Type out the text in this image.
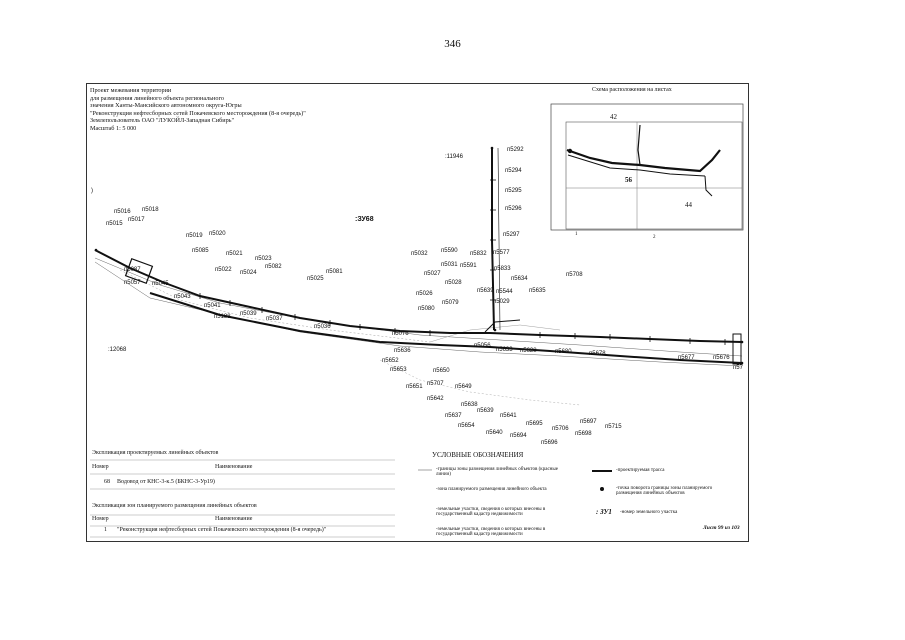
346
Проект межевания территории
для размещения линейного объекта регионального
значения Ханты-Мансийского автономного округа-Югры
"Реконструкция нефтесборных сетей Покачевского месторождения (8-я очередь)"
Землепользователь ОАО "ЛУКОЙЛ-Западная Сибирь"
Масштаб 1: 5 000
Схема расположения на листах
42
56
44
1
2
:ЗУ68
:11946
:12068
)
п5016 п5018
п5015
п5017
п5019 п5020
п5085	п5021
п5023
п5022	п5082
п5024	п5081
п5025
п5087
п5057 п5045
п5043
п5041
п5039
п5188	п5037
п5036
п5076
п5032 п5590 п5832 п5577
п5031 п5591
п5027
п5833
п5634
п5708
п5028
п5639 п5544	п5635
п5026
п5080
п5079	п5029
п5292
п5294
п5295
п5296
п5297
п5636
п5056
п5633 п5628	п5680	п5678
п5677	п5676
п57
п5652
п5653	п5650
п5651 п5707 п5649
п5642
п5638
п5637
п5639
п5641
п5654
п5640 п5694
п5695
п5706
п5697
п5698
п5715
п5696
Экспликация проектируемых линейных объектов
Номер	Наименование
68 Водовод от КНС-3-к.5 (БКНС-3-Ур19)
Экспликация зон планируемого размещения линейных объектов
Номер	Наименование
1 "Реконструкция нефтесборных сетей Покачевского месторождения (8-я очередь)"
УСЛОВНЫЕ ОБОЗНАЧЕНИЯ
-границы зоны размещения линейных объектов (красные линии)
-зона планируемого размещения линейного объекта
-земельные участки, сведения о которых внесены в государственный кадастр недвижимости
-земельные участки, сведения о которых внесены в государственный кадастр недвижимости
-проектируемая трасса
-точка поворота границы зоны планируемого размещения линейных объектов
: ЗУ1 -номер земельного участка
Лист 99 из 103
